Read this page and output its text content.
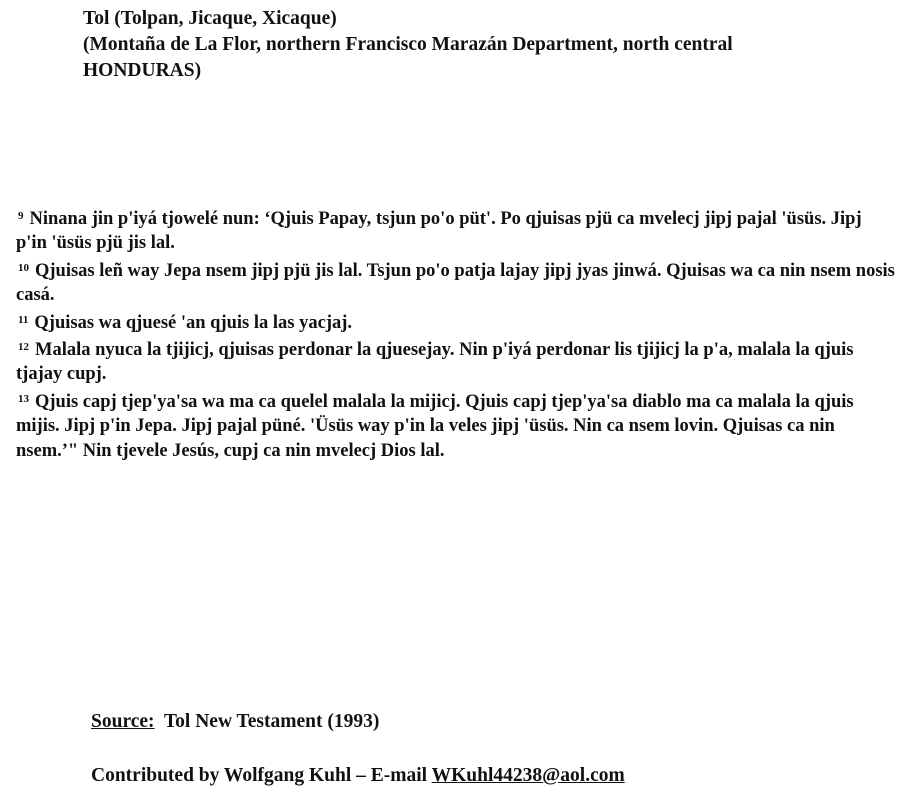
Tol (Tolpan, Jicaque, Xicaque)
(Montaña de La Flor, northern Francisco Marazán Department, north central
HONDURAS)

$^9$ Ninana jin p'iyá tjowelé nun: ‘Qjuis Papay, tsjun po'o püt'. Po qjuisas pjü ca mvelecj jipj pajal 'üsüs. Jipj p'in 'üsüs pjü jis lal.

$^{10}$ Qjuisas leñ way Jepa nsem jipj pjü jis lal. Tsjun po'o patja lajay jipj jyas jinwá. Qjuisas wa ca nin nsem nosis casá.

$^{11}$ Qjuisas wa qjuesé 'an qjuis la las yacjaj.

$^{12}$ Malala nyuca la tjijicj, qjuisas perdonar la qjuesejay. Nin p'iyá perdonar lis tjijicj la p'a, malala la qjuis tjajay cupj.

$^{13}$ Qjuis capj tjep'ya'sa wa ma ca quelel malala la mijicj. Qjuis capj tjep'ya'sa diablo ma ca malala la qjuis mijis. Jipj p'in Jepa. Jipj pajal püné. 'Üsüs way p'in la veles jipj 'üsüs. Nin ca nsem lovin. Qjuisas ca nin nsem.’" Nin tjevele Jesús, cupj ca nin mvelecj Dios lal.

Source: Tol New Testament (1993)
Contributed by Wolfgang Kuhl – E-mail WKuhl44238@aol.com
